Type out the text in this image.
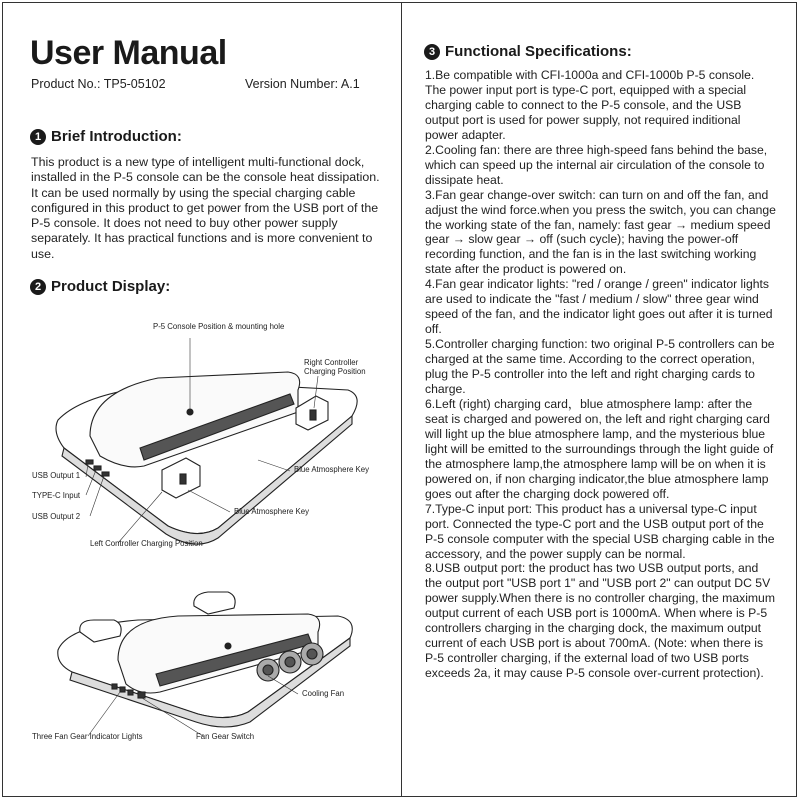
User Manual
Product No.: TP5-05102	Version Number: A.1
1 Brief Introduction:
This product is a new type of intelligent multi-functional dock, installed in the P-5 console can be the console heat dissipation. It can be used normally by using the special charging cable configured in this product to get power from the USB port of the P-5 console. It does not need to buy other power supply separately. It has practical functions and is more convenient to use.
2 Product Display:
P-5 Console Position & mounting hole
Right Controller
Charging Position
USB Output 1
TYPE-C Input
USB Output 2
Blue Atmosphere Key
Blue Atmosphere Key
Left Controller Charging Position
Cooling Fan
Three Fan Gear Indicator Lights	Fan Gear Switch
3 Functional Specifications:

1.Be compatible with CFI-1000a and CFI-1000b P-5 console. The power input port is type-C port, equipped with a special charging cable to connect to the P-5 console, and the USB output port is used for power supply, not required inditional power adapter.

2.Cooling fan: there are three high-speed fans behind the base, which can speed up the internal air circulation of the console to dissipate heat.

3.Fan gear change-over switch: can turn on and off the fan, and adjust the wind force.when you press the switch, you can change the working state of the fan, namely: fast gear → medium speed gear → slow gear → off (such cycle); having the power-off recording function, and the fan is in the last switching working state after the product is powered on.

4.Fan gear indicator lights: "red / orange / green" indicator lights are used to indicate the "fast / medium / slow" three gear wind speed of the fan, and the indicator light goes out after it is turned off.

5.Controller charging function: two original P-5 controllers can be charged at the same time. According to the correct operation, plug the P-5 controller into the left and right charging cards to charge.

6.Left (right) charging card，blue atmosphere lamp: after the seat is charged and powered on, the left and right charging card will light up the blue atmosphere lamp, and the mysterious blue light will be emitted to the surroundings through the light guide of the atmosphere lamp,the atmosphere lamp will be on when it is powered on, if non charging indicator,the blue atmosphere lamp goes out after the charging dock powered off.

7.Type-C input port: This product has a universal type-C input port. Connected the type-C port and the USB output port of the P-5 console computer with the special USB charging cable in the accessory, and the power supply can be normal.

8.USB output port: the product has two USB output ports, and the output port "USB port 1" and "USB port 2" can output DC 5V power supply.When there is no controller charging, the maximum output current of each USB port is 1000mA. When where is P-5 controllers charging in the charging dock, the maximum output current of each USB port is about 700mA. (Note: when there is P-5 controller charging, if the external load of two USB ports exceeds 2a, it may cause P-5 console over-current protection).
